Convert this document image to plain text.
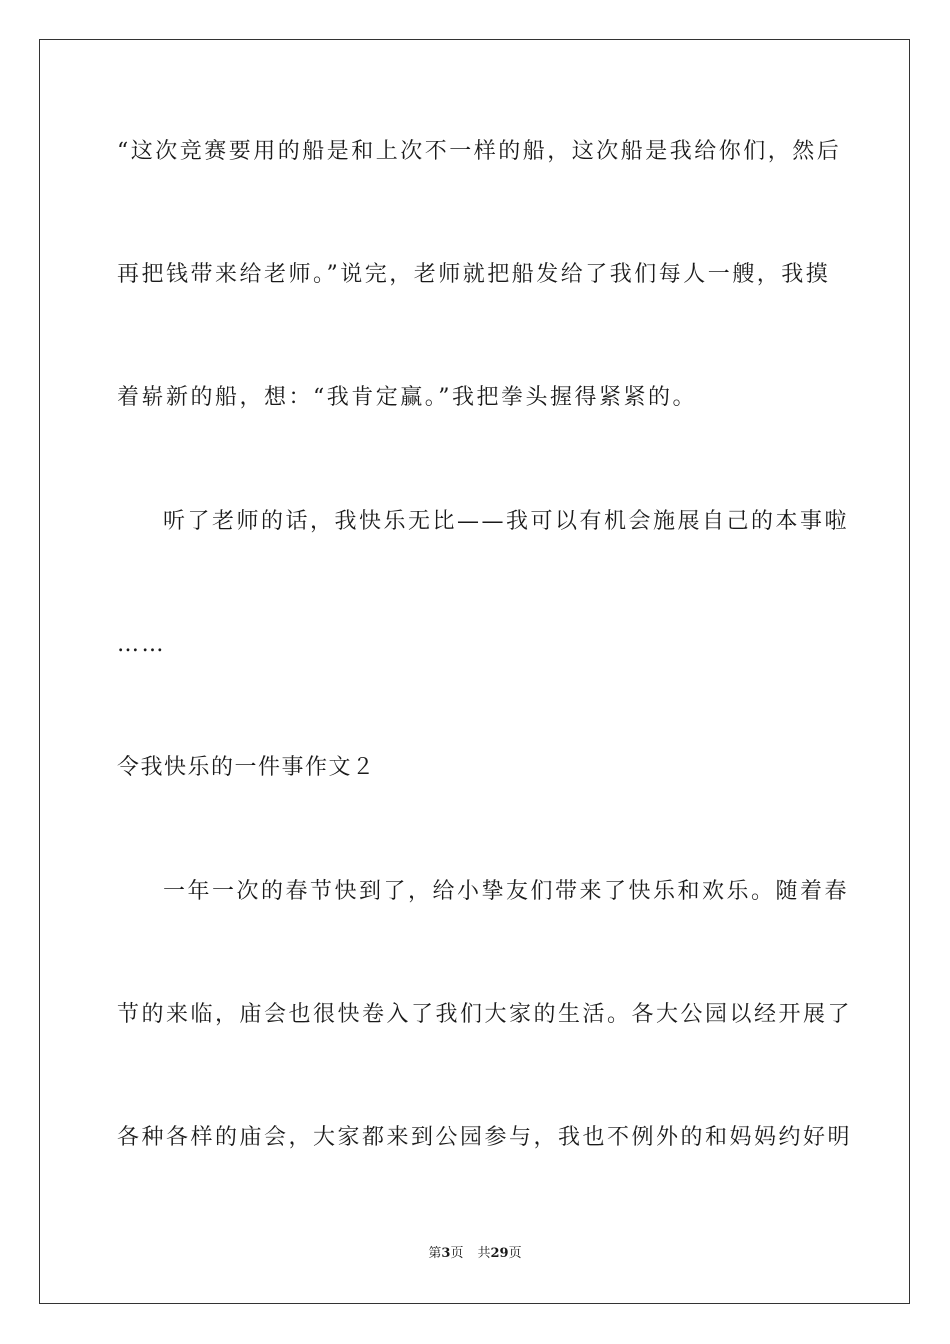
“这次竞赛要用的船是和上次不一样的船，这次船是我给你们，然后
再把钱带来给老师。”说完，老师就把船发给了我们每人一艘，我摸
着崭新的船，想：“我肯定赢。”我把拳头握得紧紧的。
听了老师的话，我快乐无比——我可以有机会施展自己的本事啦
……
令我快乐的一件事作文２
一年一次的春节快到了，给小挚友们带来了快乐和欢乐。随着春
节的来临，庙会也很快卷入了我们大家的生活。各大公园以经开展了
各种各样的庙会，大家都来到公园参与，我也不例外的和妈妈约好明
第3页 共29页
